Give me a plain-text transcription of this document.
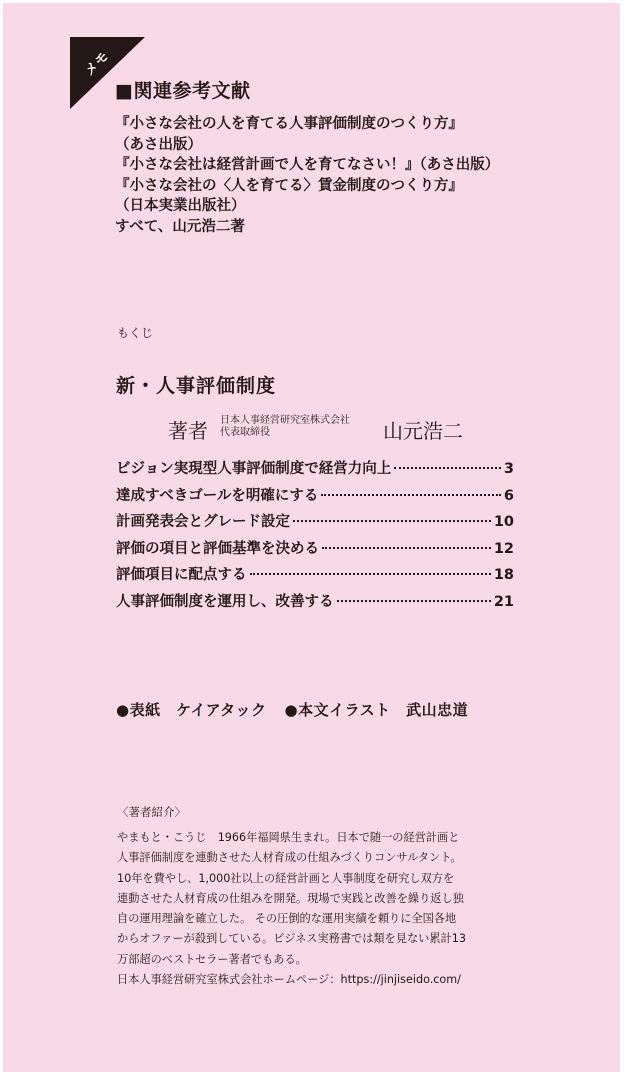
メモ
■関連参考文献
『小さな会社の人を育てる人事評価制度のつくり方』
（あさ出版）
『小さな会社は経営計画で人を育てなさい！』（あさ出版）
『小さな会社の〈人を育てる〉賃金制度のつくり方』
（日本実業出版社）
すべて、山元浩二著
もくじ
新・人事評価制度
著者 日本人事経営研究室株式会社
代表取締役	山元浩二
ビジョン実現型人事評価制度で経営力向上	3
達成すべきゴールを明確にする	6
計画発表会とグレード設定	10
評価の項目と評価基準を決める	12
評価項目に配点する	18
人事評価制度を運用し、改善する	21
●表紙　ケイアタック ●本文イラスト　武山忠道
〈著者紹介〉
やまもと・こうじ　1966年福岡県生まれ。日本で随一の経営計画と
人事評価制度を連動させた人材育成の仕組みづくりコンサルタント。
10年を費やし、1,000社以上の経営計画と人事制度を研究し双方を
連動させた人材育成の仕組みを開発。現場で実践と改善を繰り返し独
自の運用理論を確立した。 その圧倒的な運用実績を頼りに全国各地
からオファーが殺到している。ビジネス実務書では類を見ない累計13
万部超のベストセラー著者でもある。
日本人事経営研究室株式会社ホームページ：https://jinjiseido.com/
